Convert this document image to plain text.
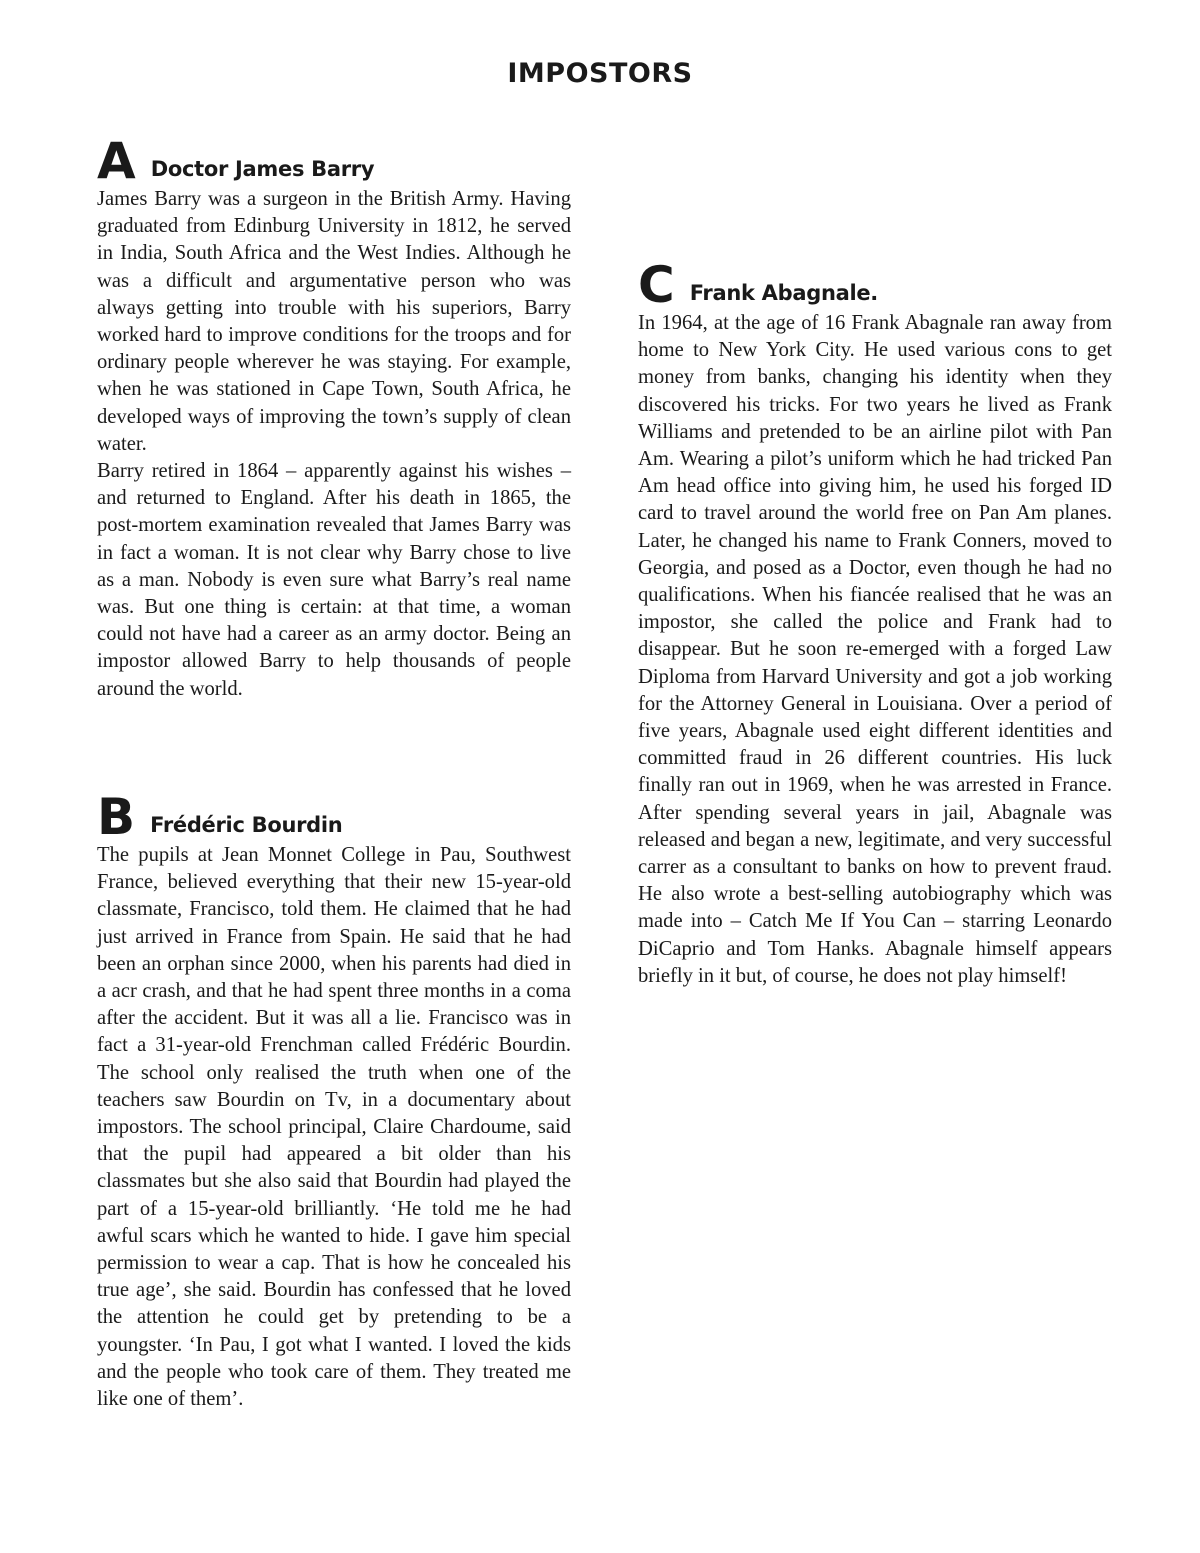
IMPOSTORS
A Doctor James Barry

James Barry was a surgeon in the British Army. Having graduated from Edinburg University in 1812, he served in India, South Africa and the West Indies. Although he was a difficult and argumentative person who was always getting into trouble with his superiors, Barry worked hard to improve conditions for the troops and for ordinary people wherever he was staying. For example, when he was stationed in Cape Town, South Africa, he developed ways of improving the town’s supply of clean water.

Barry retired in 1864 – apparently against his wishes – and returned to England. After his death in 1865, the post-mortem examination revealed that James Barry was in fact a woman. It is not clear why Barry chose to live as a man. Nobody is even sure what Barry’s real name was. But one thing is certain: at that time, a woman could not have had a career as an army doctor. Being an impostor allowed Barry to help thousands of people around the world.

B Frédéric Bourdin

The pupils at Jean Monnet College in Pau, Southwest France, believed everything that their new 15-year-old classmate, Francisco, told them. He claimed that he had just arrived in France from Spain. He said that he had been an orphan since 2000, when his parents had died in a acr crash, and that he had spent three months in a coma after the accident. But it was all a lie. Francisco was in fact a 31-year-old Frenchman called Frédéric Bourdin. The school only realised the truth when one of the teachers saw Bourdin on Tv, in a documentary about impostors. The school principal, Claire Chardoume, said that the pupil had appeared a bit older than his classmates but she also said that Bourdin had played the part of a 15-year-old brilliantly. ‘He told me he had awful scars which he wanted to hide. I gave him special permission to wear a cap. That is how he concealed his true age’, she said. Bourdin has confessed that he loved the attention he could get by pretending to be a youngster. ‘In Pau, I got what I wanted. I loved the kids and the people who took care of them. They treated me like one of them’.

C Frank Abagnale.

In 1964, at the age of 16 Frank Abagnale ran away from home to New York City. He used various cons to get money from banks, changing his identity when they discovered his tricks. For two years he lived as Frank Williams and pretended to be an airline pilot with Pan Am. Wearing a pilot’s uniform which he had tricked Pan Am head office into giving him, he used his forged ID card to travel around the world free on Pan Am planes. Later, he changed his name to Frank Conners, moved to Georgia, and posed as a Doctor, even though he had no qualifications. When his fiancée realised that he was an impostor, she called the police and Frank had to disappear. But he soon re-emerged with a forged Law Diploma from Harvard University and got a job working for the Attorney General in Louisiana. Over a period of five years, Abagnale used eight different identities and committed fraud in 26 different countries. His luck finally ran out in 1969, when he was arrested in France. After spending several years in jail, Abagnale was released and began a new, legitimate, and very successful carrer as a consultant to banks on how to prevent fraud. He also wrote a best-selling autobiography which was made into – Catch Me If You Can – starring Leonardo DiCaprio and Tom Hanks. Abagnale himself appears briefly in it but, of course, he does not play himself!
